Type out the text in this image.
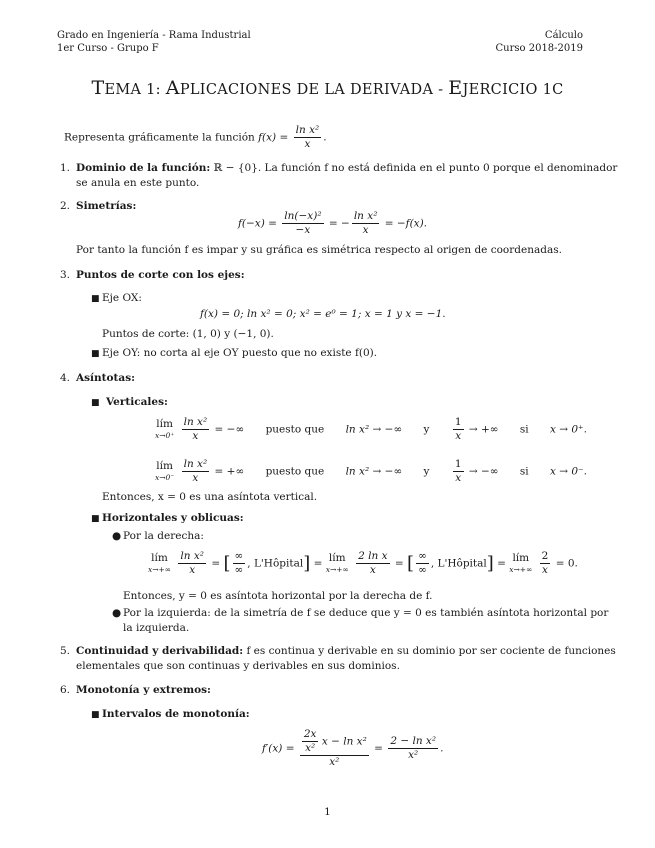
Grado en Ingeniería - Rama Industrial
1er Curso - Grupo F
Cálculo
Curso 2018-2019
TEMA 1: APLICACIONES DE LA DERIVADA - EJERCICIO 1C
Representa gráficamente la función $f(x) = \frac{\text{ln x²}}{x}$ .
1. Dominio de la función: ℝ − {0}. La función f no está definida en el punto 0 porque el denominador
se anula en este punto.
2. Simetrías:
$f(-x) = \frac{\text{ln(−x)²}}{-x}$ = − $\frac{\text{ln x²}}{x} = -f(x)$.
Por tanto la función f es impar y su gráfica es simétrica respecto al origen de coordenadas.
3. Puntos de corte con los ejes:
■ Eje OX:
f(x) = 0; ln x² = 0; x² = e⁰ = 1; x = 1 y x = −1.
Puntos de corte: (1, 0) y (−1, 0).
■ Eje OY: no corta al eje OY puesto que no existe f(0).
4. Asíntotas:
■ Verticales:
lím
x→0⁺
$\frac{\text{ln x²}}{x}$ = −∞ puesto que ln x² → −∞ y $\frac{1}{x}$ → +∞ si x → 0⁺.
lím
x→0⁻
$\frac{\text{ln x²}}{x}$ = +∞ puesto que ln x² → −∞ y $\frac{1}{x}$ → −∞ si x → 0⁻.
Entonces, x = 0 es una asíntota vertical.
■ Horizontales y oblicuas:
● Por la derecha:
lím
x→+∞
$\frac{\text{ln x²}}{x}$ = [ $\frac{\infty}{\infty}$ , L'Hôpital] = lím
x→+∞
$\frac{\text{2 ln x}}{x}$ = [ $\frac{\infty}{\infty}$ , L'Hôpital] = lím
x→+∞
$\frac{2}{x} = 0$.
Entonces, y = 0 es asíntota horizontal por la derecha de f.
● Por la izquierda: de la simetría de f se deduce que y = 0 es también asíntota horizontal por
la izquierda.
5. Continuidad y derivabilidad: f es continua y derivable en su dominio por ser cociente de funciones
elementales que son continuas y derivables en sus dominios.
6. Monotonía y extremos:
■ Intervalos de monotonía:
$f'(x) = \frac{\frac{2x}{\text{x²}} x - \ln x^2}{\text{x²}} = \frac{\text{2 − ln x²}}{\text{x²}}$ .
1
